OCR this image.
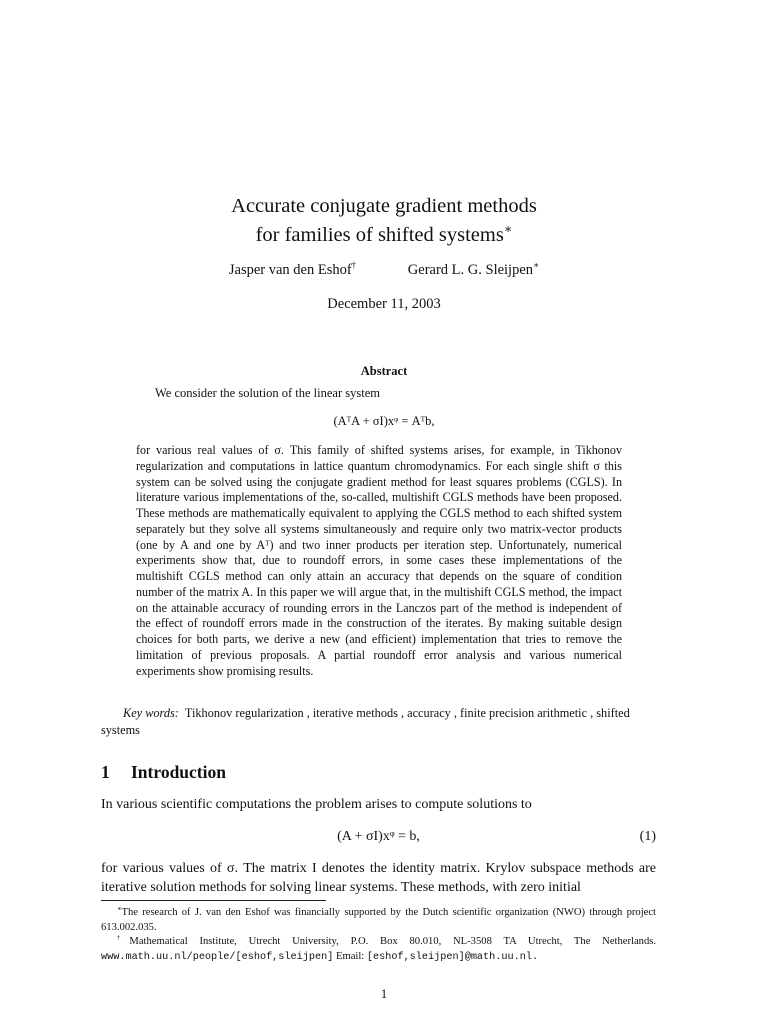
Accurate conjugate gradient methods
for families of shifted systems∗
Jasper van den Eshof†	Gerard L. G. Sleijpen∗
December 11, 2003
Abstract
We consider the solution of the linear system
(AᵀA + σI)xᵠ = Aᵀb,
for various real values of σ. This family of shifted systems arises, for example, in Tikhonov regularization and computations in lattice quantum chromodynamics. For each single shift σ this system can be solved using the conjugate gradient method for least squares problems (CGLS). In literature various implementations of the, so-called, multishift CGLS methods have been proposed. These methods are mathematically equivalent to applying the CGLS method to each shifted system separately but they solve all systems simultaneously and require only two matrix-vector products (one by A and one by Aᵀ) and two inner products per iteration step. Unfortunately, numerical experiments show that, due to roundoff errors, in some cases these implementations of the multishift CGLS method can only attain an accuracy that depends on the square of condition number of the matrix A. In this paper we will argue that, in the multishift CGLS method, the impact on the attainable accuracy of rounding errors in the Lanczos part of the method is independent of the effect of roundoff errors made in the construction of the iterates. By making suitable design choices for both parts, we derive a new (and efficient) implementation that tries to remove the limitation of previous proposals. A partial roundoff error analysis and various numerical experiments show promising results.
Key words: Tikhonov regularization , iterative methods , accuracy , finite precision arithmetic , shifted systems
1 Introduction
In various scientific computations the problem arises to compute solutions to
(A + σI)xᵠ = b,	(1)
for various values of σ. The matrix I denotes the identity matrix. Krylov subspace methods are iterative solution methods for solving linear systems. These methods, with zero initial

∗The research of J. van den Eshof was financially supported by the Dutch scientific organization (NWO) through project 613.002.035.

†Mathematical Institute, Utrecht University, P.O. Box 80.010, NL-3508 TA Utrecht, The Netherlands. www.math.uu.nl/people/[eshof,sleijpen] Email: [eshof,sleijpen]@math.uu.nl.

1
